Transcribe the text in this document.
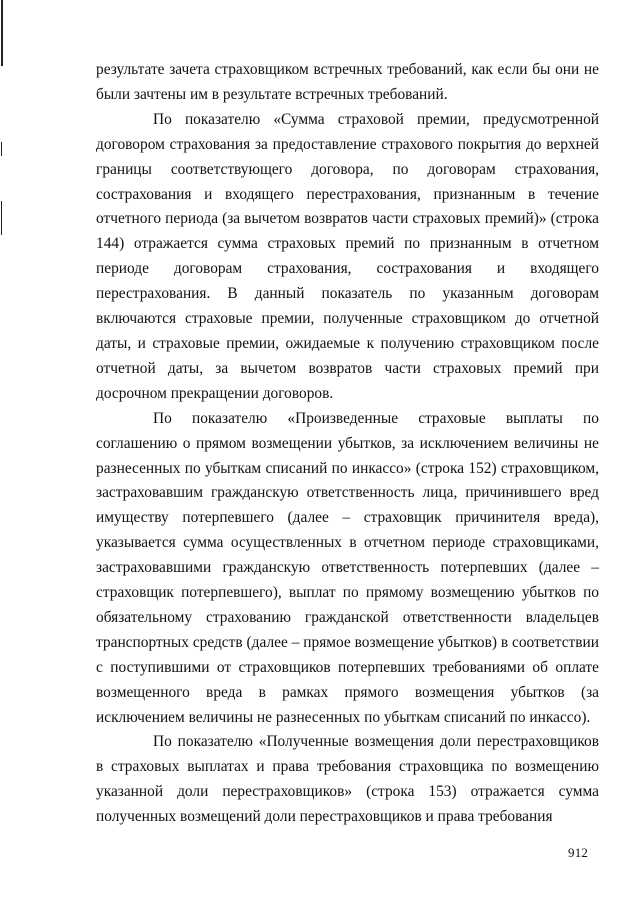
результате зачета страховщиком встречных требований, как если бы они не были зачтены им в результате встречных требований.

По показателю «Сумма страховой премии, предусмотренной договором страхования за предоставление страхового покрытия до верхней границы соответствующего договора, по договорам страхования, сострахования и входящего перестрахования, признанным в течение отчетного периода (за вычетом возвратов части страховых премий)» (строка 144) отражается сумма страховых премий по признанным в отчетном периоде договорам страхования, сострахования и входящего перестрахования. В данный показатель по указанным договорам включаются страховые премии, полученные страховщиком до отчетной даты, и страховые премии, ожидаемые к получению страховщиком после отчетной даты, за вычетом возвратов части страховых премий при досрочном прекращении договоров.

По показателю «Произведенные страховые выплаты по соглашению о прямом возмещении убытков, за исключением величины не разнесенных по убыткам списаний по инкассо» (строка 152) страховщиком, застраховавшим гражданскую ответственность лица, причинившего вред имуществу потерпевшего (далее – страховщик причинителя вреда), указывается сумма осуществленных в отчетном периоде страховщиками, застраховавшими гражданскую ответственность потерпевших (далее – страховщик потерпевшего), выплат по прямому возмещению убытков по обязательному страхованию гражданской ответственности владельцев транспортных средств (далее – прямое возмещение убытков) в соответствии с поступившими от страховщиков потерпевших требованиями об оплате возмещенного вреда в рамках прямого возмещения убытков (за исключением величины не разнесенных по убыткам списаний по инкассо).

По показателю «Полученные возмещения доли перестраховщиков в страховых выплатах и права требования страховщика по возмещению указанной доли перестраховщиков» (строка 153) отражается сумма полученных возмещений доли перестраховщиков и права требования

912
